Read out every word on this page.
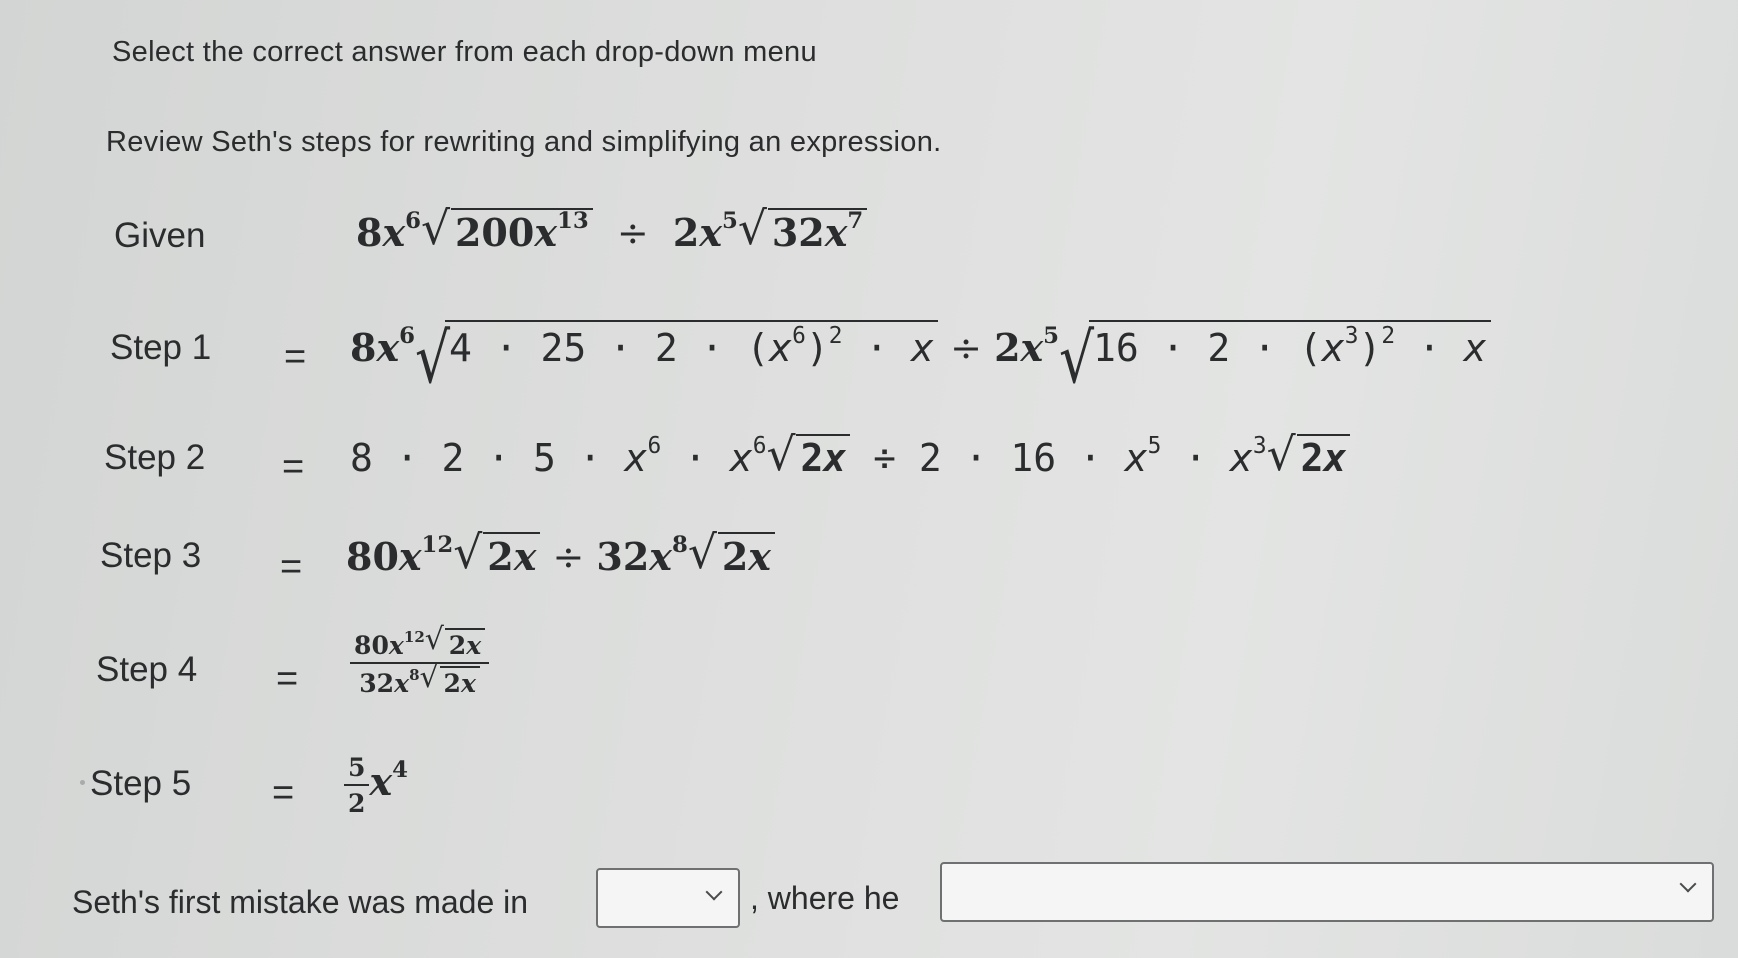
Select the correct answer from each drop-down menu
Review Seth's steps for rewriting and simplifying an expression.
Given	$8x^6√$ $200x^{13} \div 2x^5√$ $32x^7$
Step $1 = 8x^6√$ $4 \cdot 25 \cdot 2 \cdot (x^6)^2 \cdot x \div 2x^5√$ $16 \cdot 2 \cdot (x^3)^2 \cdot x$
Step $2 = 8 \cdot 2 \cdot 5 \cdot x^6 \cdot x^6√$ $2x \div 2 \cdot 16 \cdot x^5 \cdot x^3√$ 2x
Step $3 = 80x^{12}√$ $2x \div 32x^8√$ 2x
Step $4 = \frac{80x^{12}√ 2x}{32x^8√ 2x}$
Step $5 = \frac{5}{2} x^4$
Seth's first mistake was made in	, where he
